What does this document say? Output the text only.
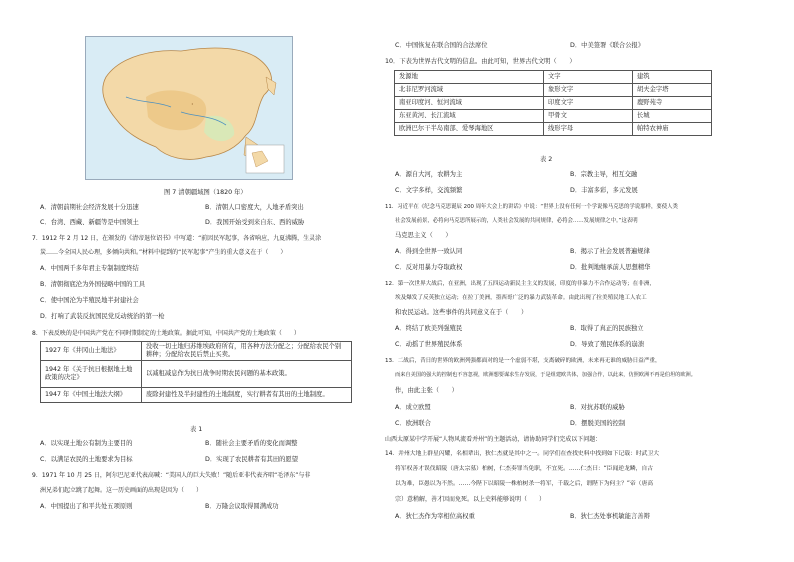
·
图 7 清朝疆域图（1820 年）
A．清朝前期社会经济发展十分迅速	B．清朝人口密度大，人地矛盾突出
C．台湾、西藏、新疆等是中国领土	D．我国开始受到来自东、西的威胁
7．1912 年 2 月 12 日，在颁发的《清帝退位诏书》中写道：“前因民军起事，各省响应，九夏沸腾，生灵涂
炭……今全国人民心理，多倾向共和。”材料中提到的“民军起事”产生的重大意义在于（　　）
A．中国两千多年君主专制制度终结
B．清朝彻底沦为外国侵略中国的工具
C．使中国沦为半殖民地半封建社会
D．打响了武装反抗国民党反动统治的第一枪
8．下表反映的是中国共产党在不同时期制定的土地政策。据此可知，中国共产党的土地政策（　　）
1927 年《井冈山土地法》	没收一切土地归苏维埃政府所有，用各种方法分配之；分配给农民个别耕种；分配给农民后禁止买卖。
1942 年《关于抗日根据地土地政策的决定》	以减租减息作为抗日战争时期农民问题的基本政策。
1947 年《中国土地法大纲》	废除封建性及半封建性的土地制度，实行耕者有其田的土地制度。
表 1
A．以实现土地公有制为主要目的	B．随社会主要矛盾的变化而调整
C．以满足农民的土地要求为目标	D．实现了农民耕者有其田的愿望
9．1971 年 10 月 25 日，阿尔巴尼亚代表高喊：“美国人的巨大失败！”随后亚非代表齐唱“毛泽东”与非
洲兄弟们起立跳了起舞。这一历史画面的出现是因为（　　）
A．中国提出了和平共处五项原则	B．万隆会议取得圆满成功
C．中国恢复在联合国的合法席位	D．中美签署《联合公报》
10．下表为世界古代文明的信息。由此可知，世界古代文明（　　）
发源地	文字	建筑
北非尼罗河流域	象形文字	胡夫金字塔
南亚印度河、恒河流域	印度文字	鹿野苑寺
东亚黄河、长江流域	甲骨文	长城
欧洲巴尔干半岛南部、爱琴海地区	线形字母	帕特农神庙
表 2
A．源自大河，农耕为主	B．宗教主导，相互交融
C．文字多样，交流频繁	D．丰富多彩，多元发展
11．习近平在《纪念马克思诞辰 200 周年大会上的讲话》中说：“世界上没有任何一个学说像马克思的学说那样，要使人类
社会发展前景，必将向马克思所展示的，人类社会发展的共同规律，必将会……发展规律之中。”这表明
马克思主义（　　）
A．得到全世界一致认同	B．揭示了社会发展普遍规律
C．反对用暴力夺取政权	D．批判地继承前人思想精华
12．第一次世界大战后，在亚洲，出现了五四运动新民主主义的发展，印度的非暴力不合作运动等；在非洲，
埃及爆发了反英独立运动；在拉丁美洲，墨西哥广泛的暴力武装革命。由此出现了拉美殖民地工人农工
和农民运动。这些事件的共同意义在于（　　）
A．终结了欧美列强殖民	B．取得了真正的民族独立
C．动摇了世界殖民体系	D．导致了殖民体系的崩溃
13．二战后，昔日的世界的欧洲列强都面对的是一个虚弱不堪，支离破碎的欧洲，未来再无谁的威胁日益严重，
而来自美国的强大的控制也不容忽视，欧洲想要谋求生存发展，于是组建欧共体，加强合作，以此来，仿照欧洲不再是伯坦的欧洲。
作，由此主张（　　）
A．成立欧盟	B．对抗苏联的威胁
C．欧洲联合	D．摆脱美国的控制
山西太原某中学开展“人物风流看并州”的主题活动，请协助同学们完成以下问题：
14．并州大地上群星闪耀，名相辈出，狄仁杰就是其中之一。同学们在查找史料中找到如下记载：时武卫大
将军权善才误伐昭陵（唐太宗墓）柏树，仁杰奏罪当免职，不宜死。……仁杰曰：“臣闻逆龙鳞，自古
以为难，臣愚以为不然。……今陛下以昭陵一株柏树杀一将军，千载之后，谓陛下为何主？”帝（唐高
宗）意稍解，善才因而免死。以上史料能够说明（　　）
A．狄仁杰作为宰相位高权重	B．狄仁杰处事机敏能言善辩
